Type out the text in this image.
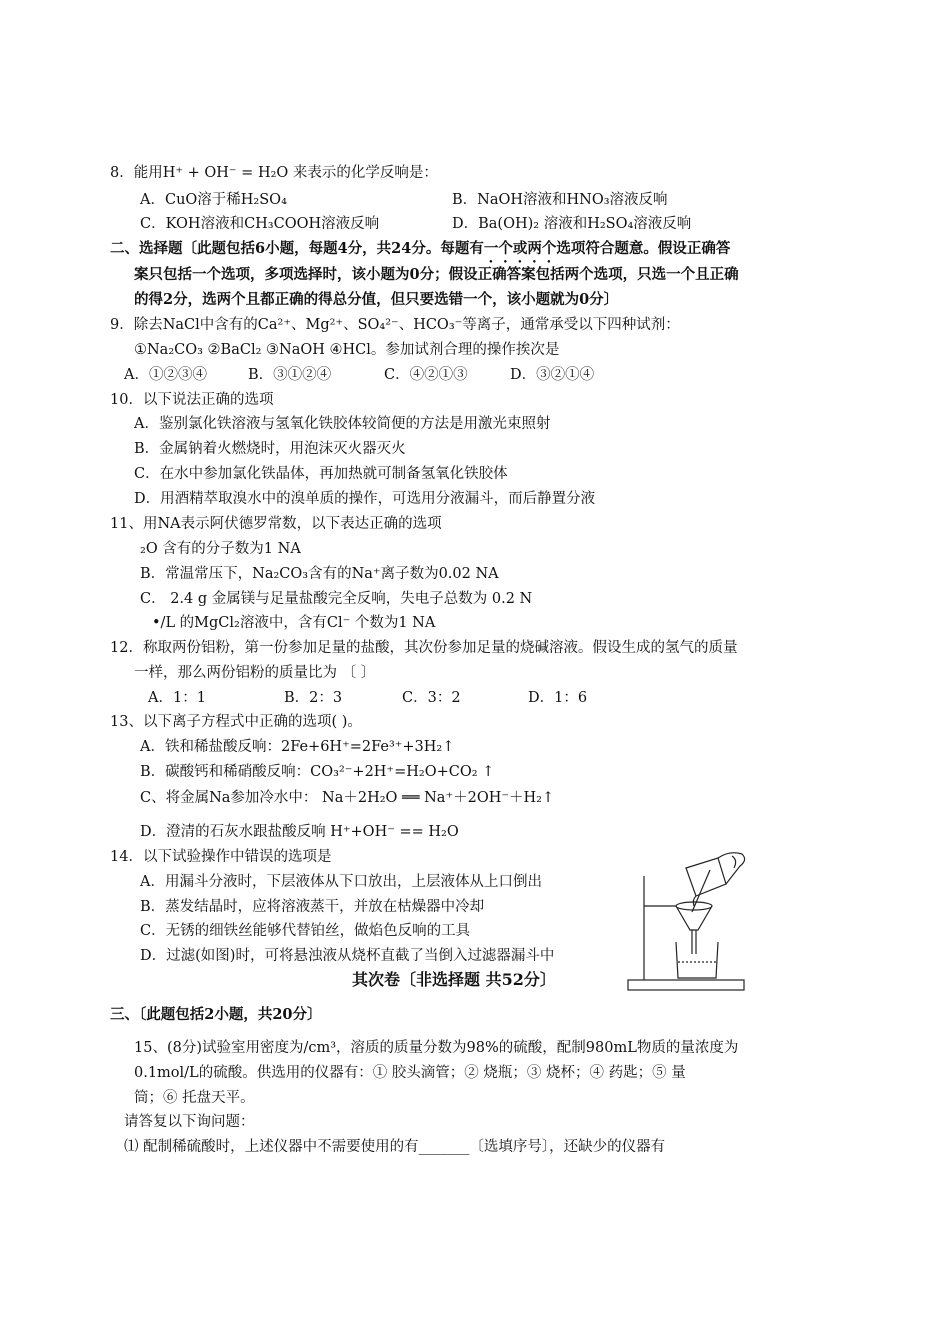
8．能用H⁺ + OH⁻ = H₂O 来表示的化学反响是：
A．CuO溶于稀H₂SO₄	B．NaOH溶液和HNO₃溶液反响
C．KOH溶液和CH₃COOH溶液反响	D．Ba(OH)₂ 溶液和H₂SO₄溶液反响
二、选择题〔此题包括6小题，每题4分，共24分。每题有一个或两个选项符合题意。假设正确答
案只包括一个选项，多项选择时，该小题为0分；假设正确答案包括两个选项，只选一个且正确
的得2分，选两个且都正确的得总分值，但只要选错一个，该小题就为0分〕
9．除去NaCl中含有的Ca²⁺、Mg²⁺、SO₄²⁻、HCO₃⁻等离子，通常承受以下四种试剂：
①Na₂CO₃ ②BaCl₂ ③NaOH ④HCl。参加试剂合理的操作挨次是
A．①②③④	B．③①②④	C．④②①③	D．③②①④
10．以下说法正确的选项
A．鉴别氯化铁溶液与氢氧化铁胶体较简便的方法是用激光束照射
B．金属钠着火燃烧时，用泡沫灭火器灭火
C．在水中参加氯化铁晶体，再加热就可制备氢氧化铁胶体
D．用酒精萃取溴水中的溴单质的操作，可选用分液漏斗，而后静置分液
11、用NA表示阿伏德罗常数，以下表达正确的选项
₂O 含有的分子数为1 NA
B．常温常压下，Na₂CO₃含有的Na⁺离子数为0.02 NA
C． 2.4 g 金属镁与足量盐酸完全反响，失电子总数为 0.2 N
•/L 的MgCl₂溶液中，含有Cl⁻ 个数为1 NA
12．称取两份铝粉，第一份参加足量的盐酸，其次份参加足量的烧碱溶液。假设生成的氢气的质量
一样，那么两份铝粉的质量比为 〔 〕
A．1：1	B．2：3	C．3：2	D．1：6
13、以下离子方程式中正确的选项( )。
A．铁和稀盐酸反响：2Fe+6H⁺=2Fe³⁺+3H₂↑
B．碳酸钙和稀硝酸反响：CO₃²⁻+2H⁺=H₂O+CO₂ ↑
C、将金属Na参加冷水中： Na＋2H₂O ══ Na⁺＋2OH⁻＋H₂↑
D．澄清的石灰水跟盐酸反响 H⁺+OH⁻ == H₂O
14．以下试验操作中错误的选项是
A．用漏斗分液时，下层液体从下口放出，上层液体从上口倒出
B．蒸发结晶时，应将溶液蒸干，并放在枯燥器中冷却
C．无锈的细铁丝能够代替铂丝，做焰色反响的工具
D．过滤(如图)时，可将悬浊液从烧杯直截了当倒入过滤器漏斗中
其次卷〔非选择题 共52分〕
三、〔此题包括2小题，共20分〕
15、(8分)试验室用密度为/cm³，溶质的质量分数为98%的硫酸，配制980mL物质的量浓度为
0.1mol/L的硫酸。供选用的仪器有：① 胶头滴管；② 烧瓶；③ 烧杯；④ 药匙；⑤ 量
筒；⑥ 托盘天平。
请答复以下询问题：
⑴ 配制稀硫酸时，上述仪器中不需要使用的有_______〔选填序号〕，还缺少的仪器有
